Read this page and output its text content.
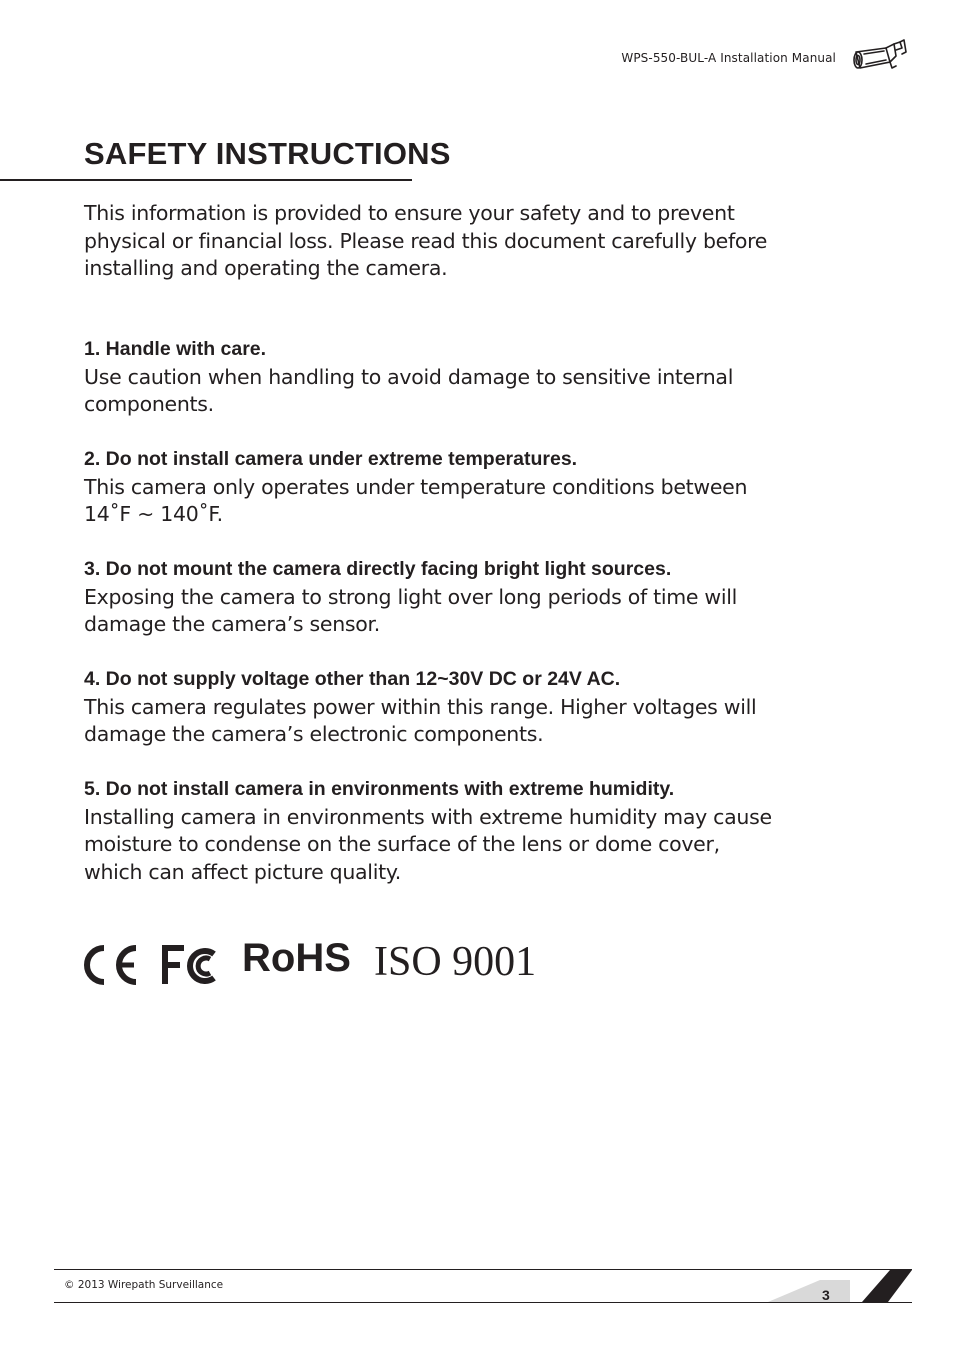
WPS-550-BUL-A Installation Manual
SAFETY INSTRUCTIONS

This information is provided to ensure your safety and to prevent
physical or financial loss. Please read this document carefully before
installing and operating the camera.

1. Handle with care.

Use caution when handling to avoid damage to sensitive internal
components.

2. Do not install camera under extreme temperatures.

This camera only operates under temperature conditions between
14˚F ~ 140˚F.

3. Do not mount the camera directly facing bright light sources.

Exposing the camera to strong light over long periods of time will
damage the camera’s sensor.

4. Do not supply voltage other than 12~30V DC or 24V AC.

This camera regulates power within this range. Higher voltages will
damage the camera’s electronic components.

5. Do not install camera in environments with extreme humidity.

Installing camera in environments with extreme humidity may cause
moisture to condense on the surface of the lens or dome cover,
which can affect picture quality.

RoHS ISO 9001
© 2013 Wirepath Surveillance
3
